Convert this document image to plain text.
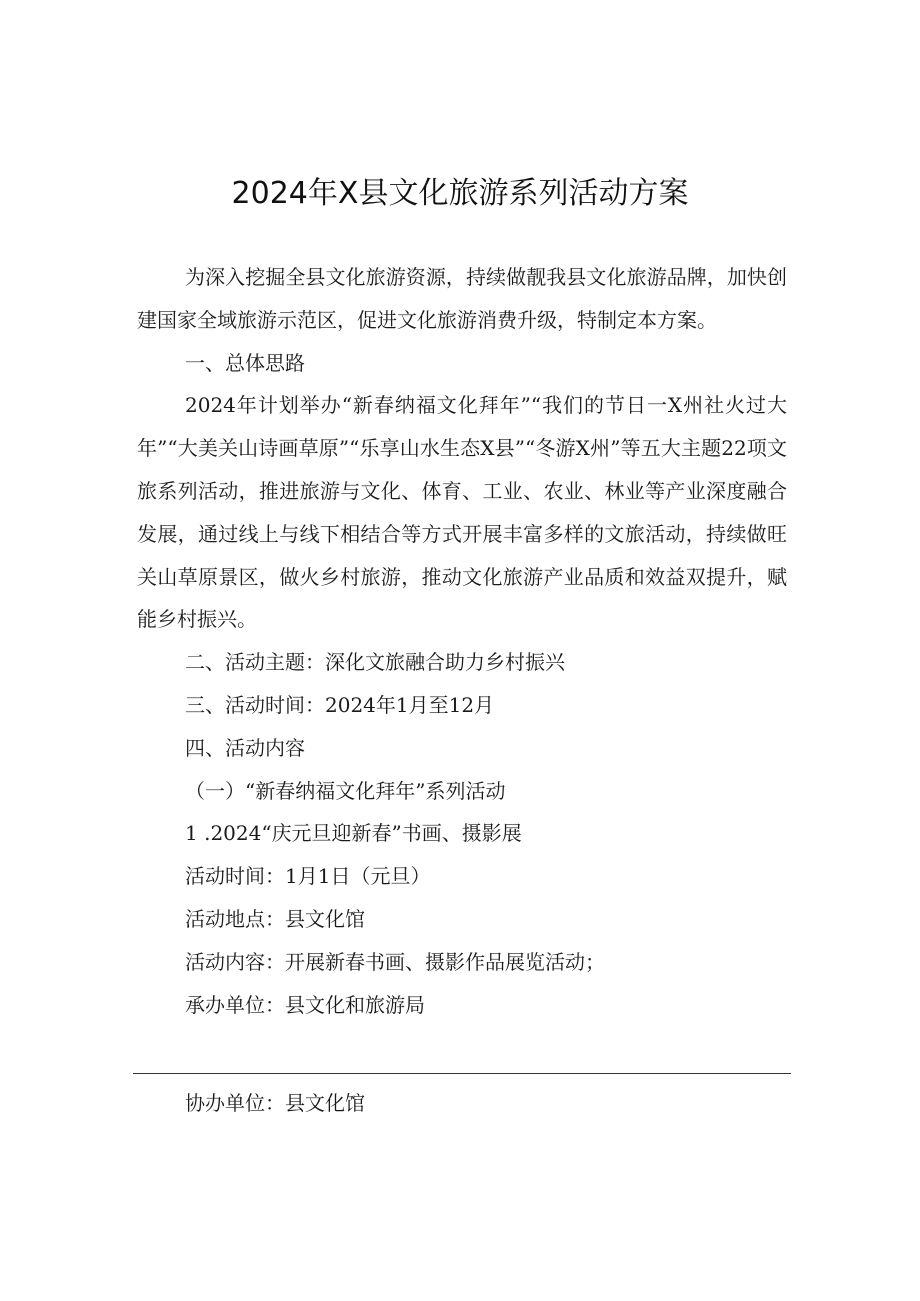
2024年X县文化旅游系列活动方案

为深入挖掘全县文化旅游资源，持续做靓我县文化旅游品牌，加快创建国家全域旅游示范区，促进文化旅游消费升级，特制定本方案。

一、总体思路

2024年计划举办“新春纳福文化拜年”“我们的节日一X州社火过大年”“大美关山诗画草原”“乐享山水生态X县”“冬游X州”等五大主题22项文旅系列活动，推进旅游与文化、体育、工业、农业、林业等产业深度融合发展，通过线上与线下相结合等方式开展丰富多样的文旅活动，持续做旺关山草原景区，做火乡村旅游，推动文化旅游产业品质和效益双提升，赋能乡村振兴。

二、活动主题：深化文旅融合助力乡村振兴

三、活动时间：2024年1月至12月

四、活动内容

（一）“新春纳福文化拜年”系列活动

1 .2024“庆元旦迎新春”书画、摄影展

活动时间：1月1日（元旦）

活动地点：县文化馆

活动内容：开展新春书画、摄影作品展览活动；

承办单位：县文化和旅游局

协办单位：县文化馆
